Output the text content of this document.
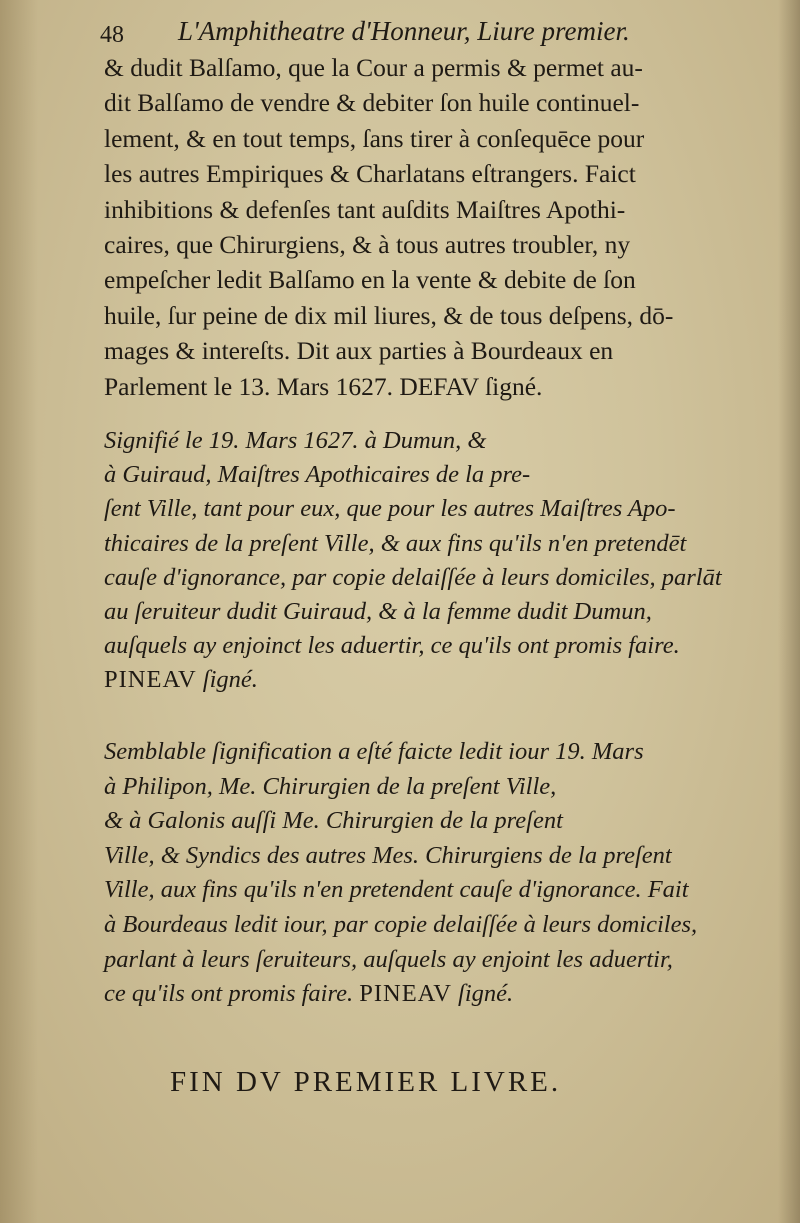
48 L'Amphitheatre d'Honneur, Liure premier.
& dudit Balſamo, que la Cour a permis & permet au-
dit Balſamo de vendre & debiter ſon huile continuel-
lement, & en tout temps, ſans tirer à conſequēce pour
les autres Empiriques & Charlatans eſtrangers. Faict
inhibitions & defenſes tant auſdits Maiſtres Apothi-
caires, que Chirurgiens, & à tous autres troubler, ny
empeſcher ledit Balſamo en la vente & debite de ſon
huile, ſur peine de dix mil liures, & de tous deſpens, dō-
mages & intereſts. Dit aux parties à Bourdeaux en
Parlement le 13. Mars 1627. DEFAV ſigné.
Signifié le 19. Mars 1627. à Dumun, &
à Guiraud, Maiſtres Apothicaires de la pre-
ſent Ville, tant pour eux, que pour les autres Maiſtres Apo-
thicaires de la preſent Ville, & aux fins qu'ils n'en pretendēt
cauſe d'ignorance, par copie delaiſſée à leurs domiciles, parlāt
au ſeruiteur dudit Guiraud, & à la femme dudit Dumun,
auſquels ay enjoinct les aduertir, ce qu'ils ont promis faire.
PINEAV ſigné.
Semblable ſignification a eſté faicte ledit iour 19. Mars
à Philipon, Me. Chirurgien de la preſent Ville,
& à Galonis auſſi Me. Chirurgien de la preſent
Ville, & Syndics des autres Mes. Chirurgiens de la preſent
Ville, aux fins qu'ils n'en pretendent cauſe d'ignorance. Fait
à Bourdeaus ledit iour, par copie delaiſſée à leurs domiciles,
parlant à leurs ſeruiteurs, auſquels ay enjoint les aduertir,
ce qu'ils ont promis faire. PINEAV ſigné.
FIN DV PREMIER LIVRE.
